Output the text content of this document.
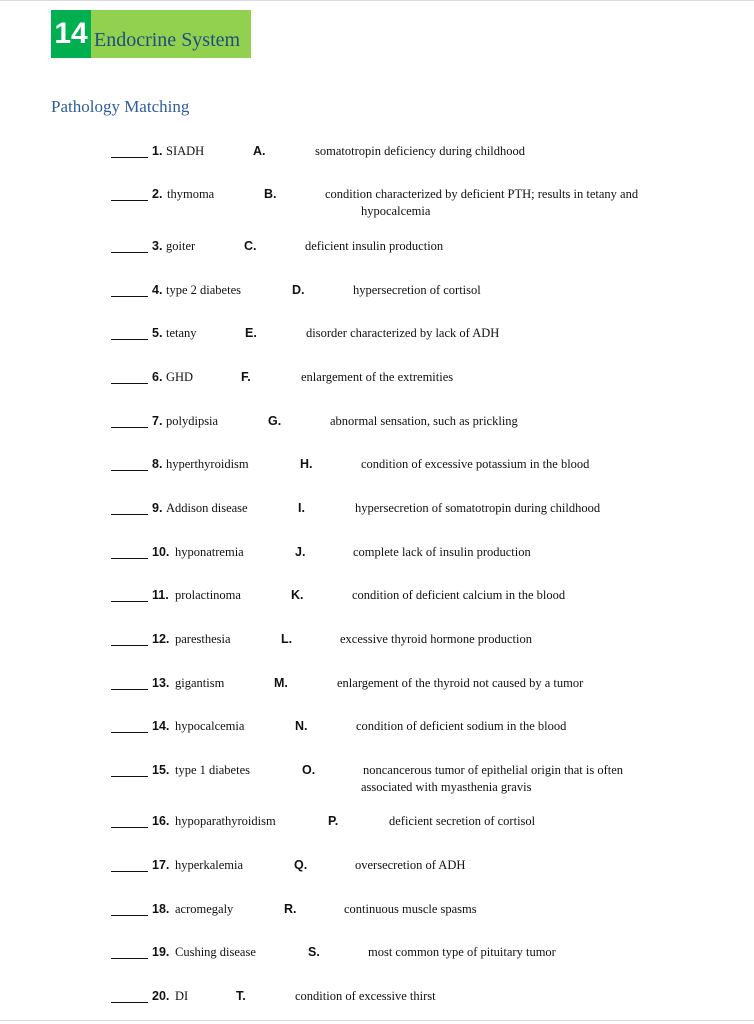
14 Endocrine System
Pathology Matching
1. SIADH	A.	somatotropin deficiency during childhood
2. thymoma	B.	condition characterized by deficient PTH; results in tetany and
hypocalcemia
3. goiter	C.	deficient insulin production
4. type 2 diabetes	D.	hypersecretion of cortisol
5. tetany	E.	disorder characterized by lack of ADH
6. GHD	F.	enlargement of the extremities
7. polydipsia	G.	abnormal sensation, such as prickling
8. hyperthyroidism	H.	condition of excessive potassium in the blood
9. Addison disease	I.	hypersecretion of somatotropin during childhood
10. hyponatremia	J.	complete lack of insulin production
11. prolactinoma	K.	condition of deficient calcium in the blood
12. paresthesia	L.	excessive thyroid hormone production
13. gigantism	M.	enlargement of the thyroid not caused by a tumor
14. hypocalcemia	N.	condition of deficient sodium in the blood
15. type 1 diabetes	O.	noncancerous tumor of epithelial origin that is often
associated with myasthenia gravis
16. hypoparathyroidism	P.	deficient secretion of cortisol
17. hyperkalemia	Q.	oversecretion of ADH
18. acromegaly	R.	continuous muscle spasms
19. Cushing disease	S.	most common type of pituitary tumor
20. DI	T.	condition of excessive thirst
